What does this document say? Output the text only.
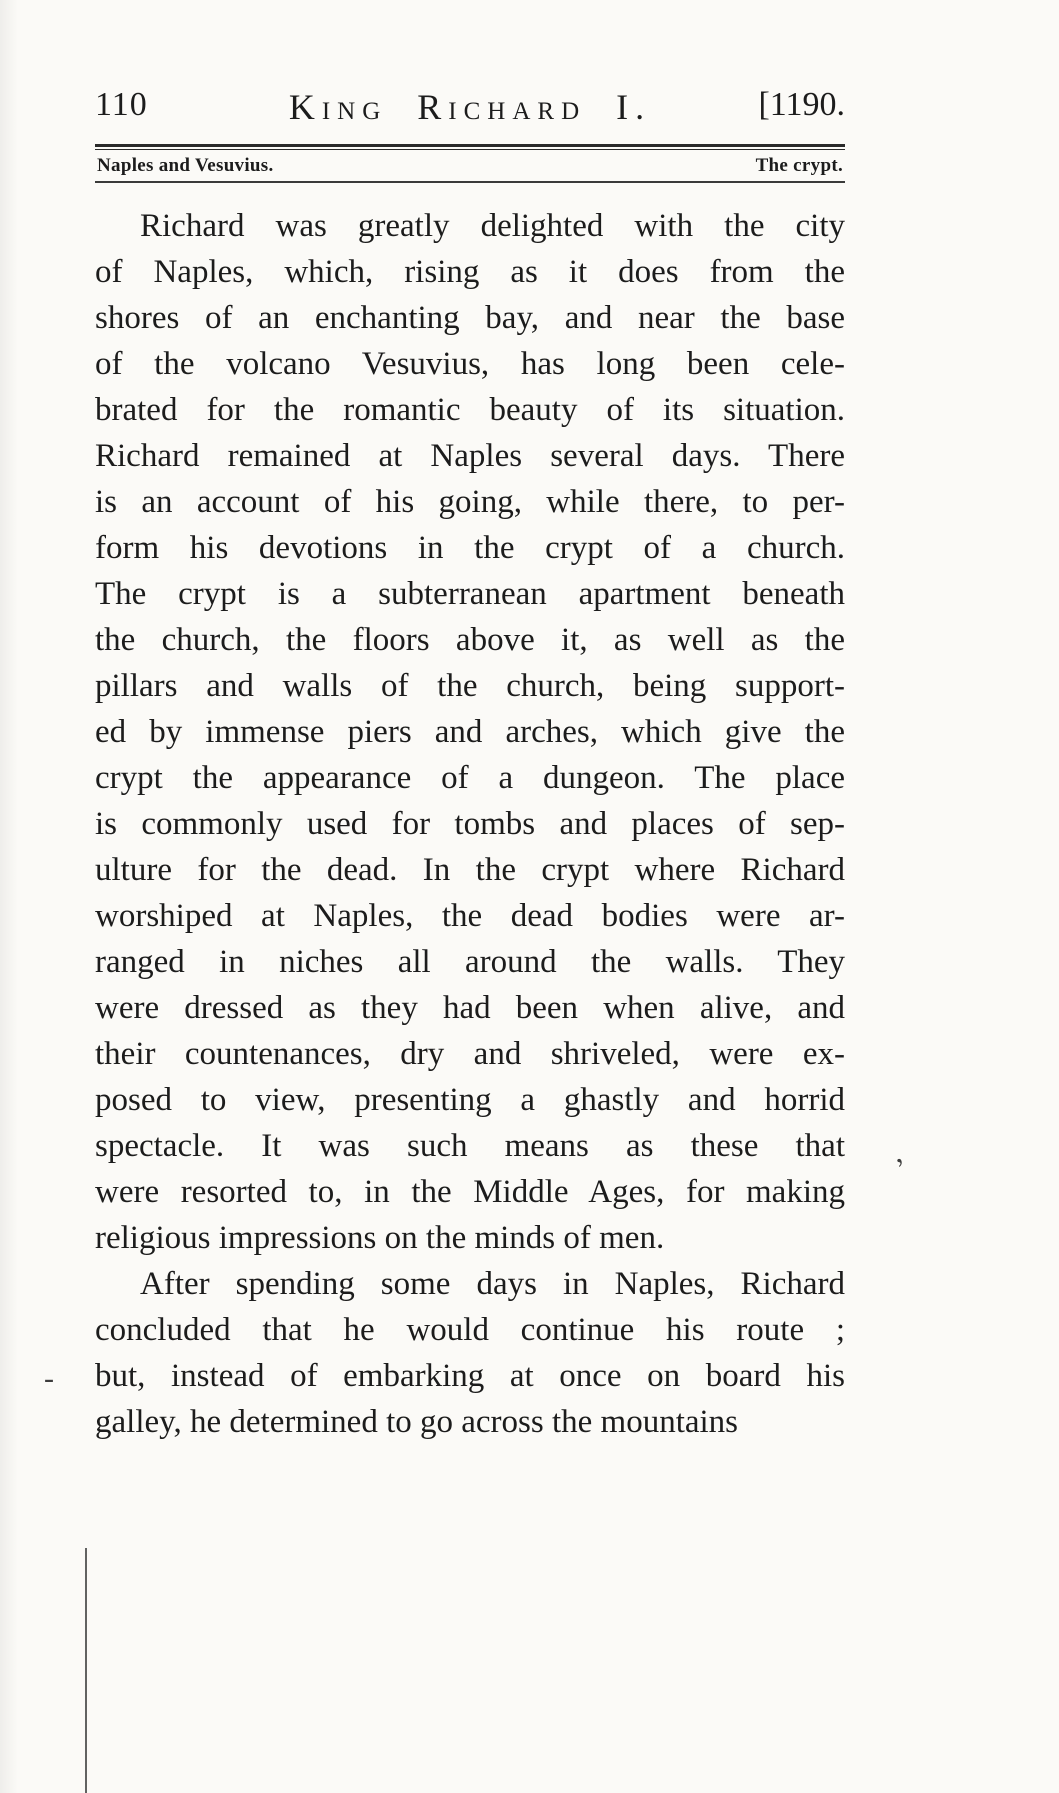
110	King Richard I.	[1190.
Naples and Vesuvius.	The crypt.
Richard was greatly delighted with the city
of Naples, which, rising as it does from the
shores of an enchanting bay, and near the base
of the volcano Vesuvius, has long been cele-
brated for the romantic beauty of its situation.
Richard remained at Naples several days. There
is an account of his going, while there, to per-
form his devotions in the crypt of a church.
The crypt is a subterranean apartment beneath
the church, the floors above it, as well as the
pillars and walls of the church, being support-
ed by immense piers and arches, which give the
crypt the appearance of a dungeon. The place
is commonly used for tombs and places of sep-
ulture for the dead. In the crypt where Richard
worshiped at Naples, the dead bodies were ar-
ranged in niches all around the walls. They
were dressed as they had been when alive, and
their countenances, dry and shriveled, were ex-
posed to view, presenting a ghastly and horrid
spectacle. It was such means as these that
were resorted to, in the Middle Ages, for making
religious impressions on the minds of men.
After spending some days in Naples, Richard
concluded that he would continue his route ;
but, instead of embarking at once on board his
galley, he determined to go across the mountains
’
-
